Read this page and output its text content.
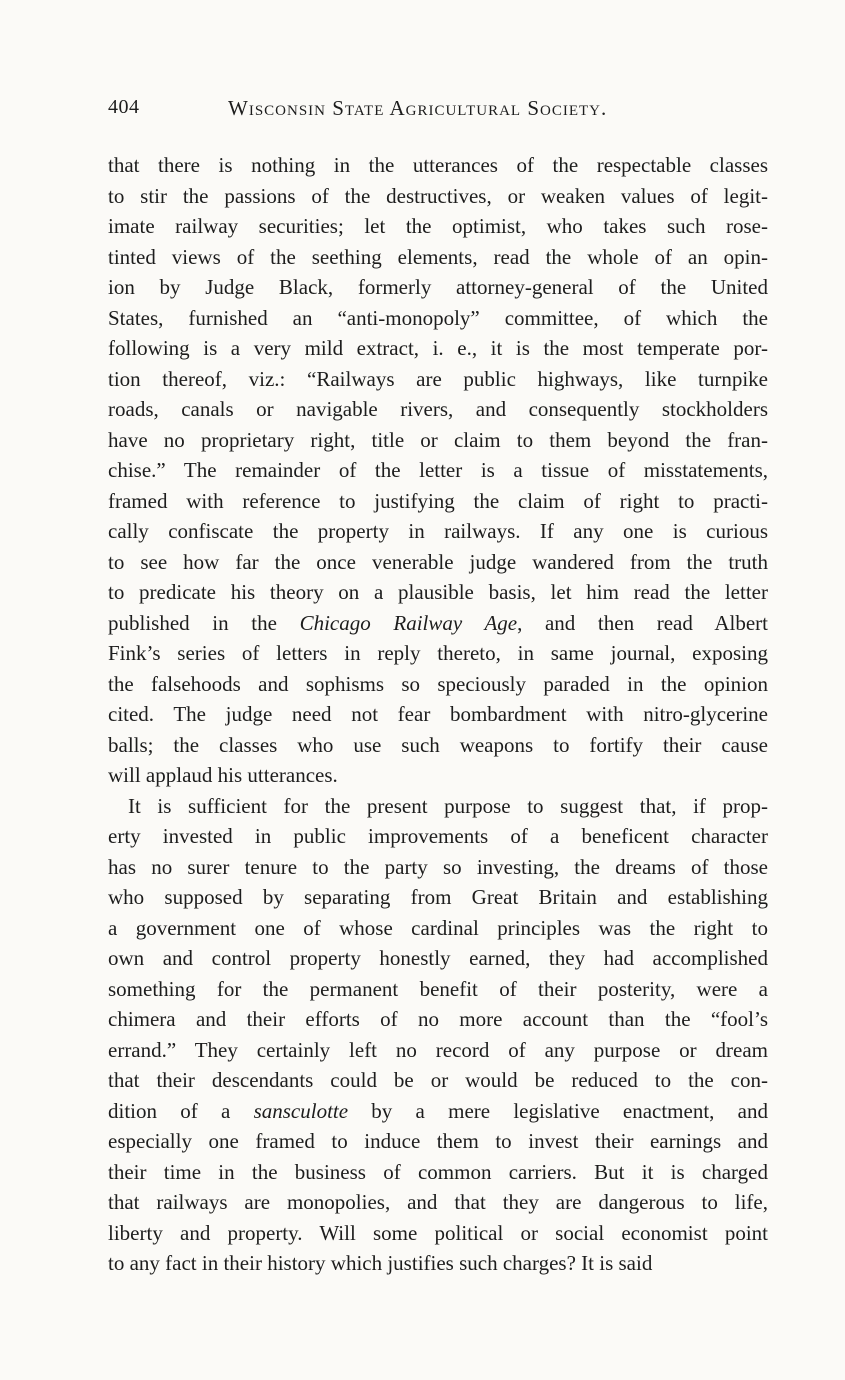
404	Wisconsin State Agricultural Society.
that there is nothing in the utterances of the respectable classes
to stir the passions of the destructives, or weaken values of legit-
imate railway securities; let the optimist, who takes such rose-
tinted views of the seething elements, read the whole of an opin-
ion by Judge Black, formerly attorney-general of the United
States, furnished an “anti-monopoly” committee, of which the
following is a very mild extract, i. e., it is the most temperate por-
tion thereof, viz.: “Railways are public highways, like turnpike
roads, canals or navigable rivers, and consequently stockholders
have no proprietary right, title or claim to them beyond the fran-
chise.” The remainder of the letter is a tissue of misstatements,
framed with reference to justifying the claim of right to practi-
cally confiscate the property in railways. If any one is curious
to see how far the once venerable judge wandered from the truth
to predicate his theory on a plausible basis, let him read the letter
published in the Chicago Railway Age, and then read Albert
Fink’s series of letters in reply thereto, in same journal, exposing
the falsehoods and sophisms so speciously paraded in the opinion
cited. The judge need not fear bombardment with nitro-glycerine
balls; the classes who use such weapons to fortify their cause
will applaud his utterances.
It is sufficient for the present purpose to suggest that, if prop-
erty invested in public improvements of a beneficent character
has no surer tenure to the party so investing, the dreams of those
who supposed by separating from Great Britain and establishing
a government one of whose cardinal principles was the right to
own and control property honestly earned, they had accomplished
something for the permanent benefit of their posterity, were a
chimera and their efforts of no more account than the “fool’s
errand.” They certainly left no record of any purpose or dream
that their descendants could be or would be reduced to the con-
dition of a sansculotte by a mere legislative enactment, and
especially one framed to induce them to invest their earnings and
their time in the business of common carriers. But it is charged
that railways are monopolies, and that they are dangerous to life,
liberty and property. Will some political or social economist point
to any fact in their history which justifies such charges? It is said
